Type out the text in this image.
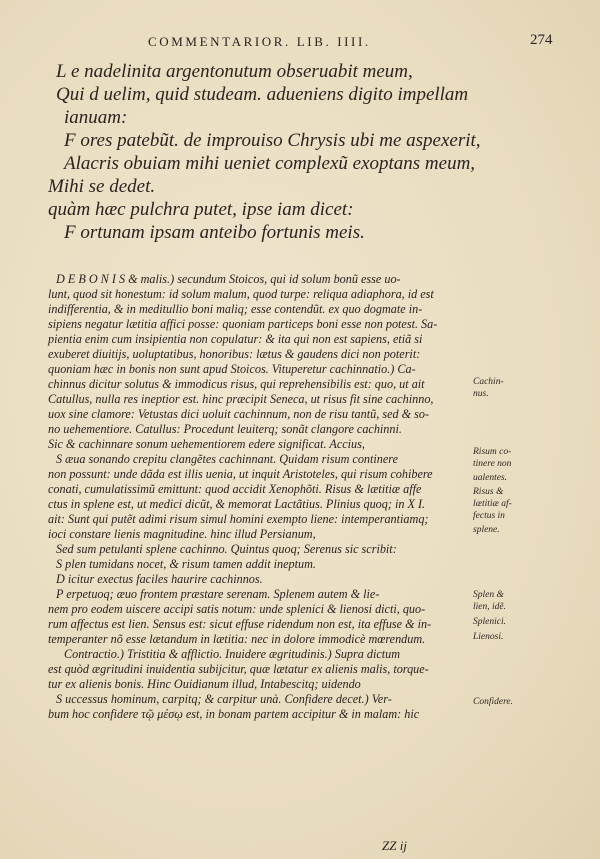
COMMENTARIOR. LIB. IIII.	274
L e nadelinita argentonutum obseruabit meum,
Qui d uelim, quid studeam. adueniens digito impellam
ianuam:
F ores patebũt. de improuiso Chrysis ubi me aspexerit,
Alacris obuiam mihi ueniet complexũ exoptans meum,
Mihi se dedet.
quàm hæc pulchra putet, ipse iam dicet:
F ortunam ipsam anteibo fortunis meis.
D E B O N I S & malis.) secundum Stoicos, qui id solum bonũ esse uo-
lunt, quod sit honestum: id solum malum, quod turpe: reliqua adiaphora, id est
indifferentia, & in meditullio boni maliq; esse contendũt. ex quo dogmate in-
sipiens negatur lætitia affici posse: quoniam particeps boni esse non potest. Sa-
pientia enim cum insipientia non copulatur: & ita qui non est sapiens, etiã si
exuberet diuitijs, uoluptatibus, honoribus: lætus & gaudens dici non poterit:
quoniam hæc in bonis non sunt apud Stoicos. Vituperetur cachinnatio.) Ca-
chinnus dicitur solutus & immodicus risus, qui reprehensibilis est: quo, ut ait
Catullus, nulla res ineptior est. hinc præcipit Seneca, ut risus fit sine cachinno,
uox sine clamore: Vetustas dici uoluit cachinnum, non de risu tantũ, sed & so-
no uehementiore. Catullus: Procedunt leuiterq; sonãt clangore cachinni.
Sic & cachinnare sonum uehementiorem edere significat. Accius,
S æua sonando crepitu clangẽtes cachinnant. Quidam risum continere
non possunt: unde dãda est illis uenia, ut inquit Aristoteles, qui risum cohibere
conati, cumulatissimũ emittunt: quod accidit Xenophõti. Risus & lætitiæ affe
ctus in splene est, ut medici dicũt, & memorat Lactãtius. Plinius quoq; in X I.
ait: Sunt qui putẽt adimi risum simul homini exempto liene: intemperantiamq;
ioci constare lienis magnitudine. hinc illud Persianum,
Sed sum petulanti splene cachinno. Quintus quoq; Serenus sic scribit:
S plen tumidans nocet, & risum tamen addit ineptum.
D icitur exectus faciles haurire cachinnos.
P erpetuoq; æuo frontem præstare serenam. Splenem autem & lie-
nem pro eodem uiscere accipi satis notum: unde splenici & lienosi dicti, quo-
rum affectus est lien. Sensus est: sicut effuse ridendum non est, ita effuse & in-
temperanter nõ esse lætandum in lætitia: nec in dolore immodicè mœrendum.
Contractio.) Tristitia & afflictio. Inuidere ægritudinis.) Supra dictum
est quòd ægritudini inuidentia subijcitur, quæ lætatur ex alienis malis, torque-
tur ex alienis bonis. Hinc Ouidianum illud, Intabescitq; uidendo
S uccessus hominum, carpitq; & carpitur unà. Confidere decet.) Ver-
bum hoc confidere τῷ μέσῳ est, in bonam partem accipitur & in malam: hic
Cachin-
nus.
Risum co-
tinere non
ualentes.
Risus &
lætitiæ af-
fectus in
splene.
Splen &
lien, idẽ.
Splenici.
Lienosi.
Confidere.
ZZ ij
